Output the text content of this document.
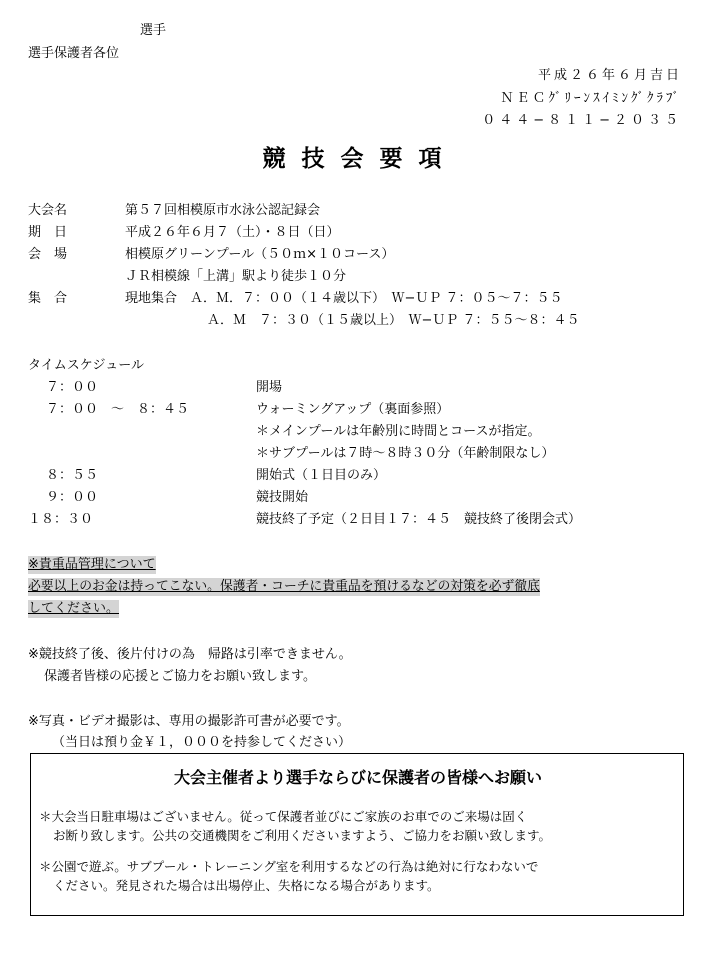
選手
選手保護者各位
平成２６年６月吉日
ＮＥＣｸﾞﾘｰﾝｽｲﾐﾝｸﾞｸﾗﾌﾞ
０４４−８１１−２０３５
競技会要項
大会名	第５７回相模原市水泳公認記録会
期　日	平成２６年６月７（土）・８日（日）
会　場	相模原グリーンプール（５０ｍ×１０コース）
ＪＲ相模線「上溝」駅より徒歩１０分
集　合	現地集合　Ａ．Ｍ．７：００（１４歳以下）　Ｗ−ＵＰ ７：０５〜７：５５
Ａ．Ｍ　７：３０（１５歳以上）　Ｗ−ＵＰ ７：５５〜８：４５
タイムスケジュール
７：００	開場
７：００　〜　８：４５	ウォーミングアップ（裏面参照）
＊メインプールは年齢別に時間とコースが指定。
＊サブプールは７時〜８時３０分（年齢制限なし）
８：５５	開始式（１日目のみ）
９：００	競技開始
１８：３０	競技終了予定（２日目１７：４５　競技終了後閉会式）
※貴重品管理について
必要以上のお金は持ってこない。保護者・コーチに貴重品を預けるなどの対策を必ず徹底
してください。
※競技終了後、後片付けの為　帰路は引率できません。
保護者皆様の応援とご協力をお願い致します。
※写真・ビデオ撮影は、専用の撮影許可書が必要です。
（当日は預り金￥１，０００を持参してください）
大会主催者より選手ならびに保護者の皆様へお願い
＊大会当日駐車場はございません。従って保護者並びにご家族のお車でのご来場は固く
お断り致します。公共の交通機関をご利用くださいますよう、ご協力をお願い致します。
＊公園で遊ぶ。サブプール・トレーニング室を利用するなどの行為は絶対に行なわないで
ください。発見された場合は出場停止、失格になる場合があります。
